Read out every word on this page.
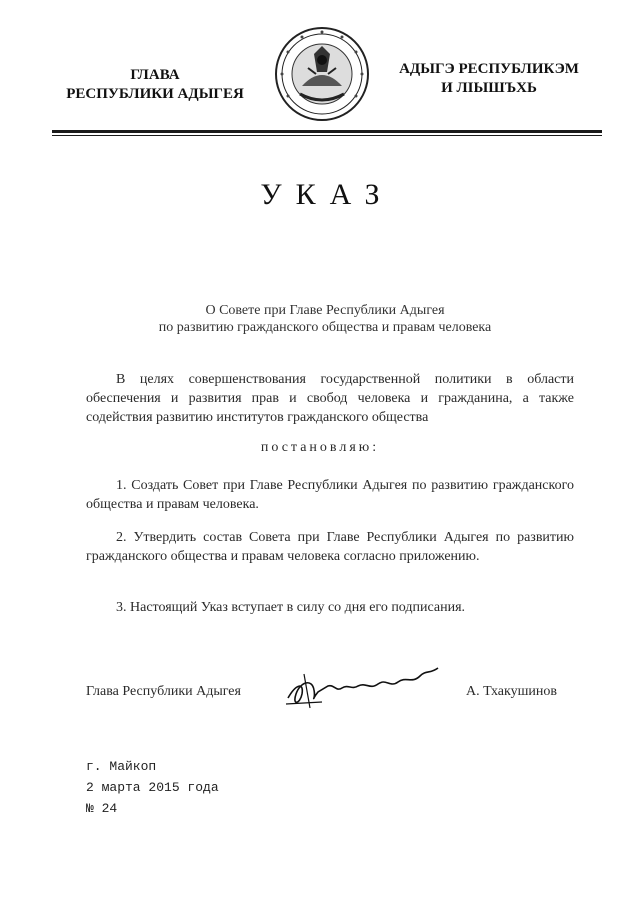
ГЛАВА
РЕСПУБЛИКИ АДЫГЕЯ
АДЫГЭ РЕСПУБЛИКЭМ
И ЛІЫШЪХЬ
УКАЗ
О Совете при Главе Республики Адыгея
по развитию гражданского общества и правам человека
В целях совершенствования государственной политики в области обеспечения и развития прав и свобод человека и гражданина, а также содействия развитию институтов гражданского общества
постановляю:
1. Создать Совет при Главе Республики Адыгея по развитию гражданского общества и правам человека.
2. Утвердить состав Совета при Главе Республики Адыгея по развитию гражданского общества и правам человека согласно приложению.
3. Настоящий Указ вступает в силу со дня его подписания.
Глава Республики Адыгея	А. Тхакушинов
г. Майкоп
2 марта 2015 года
№ 24
